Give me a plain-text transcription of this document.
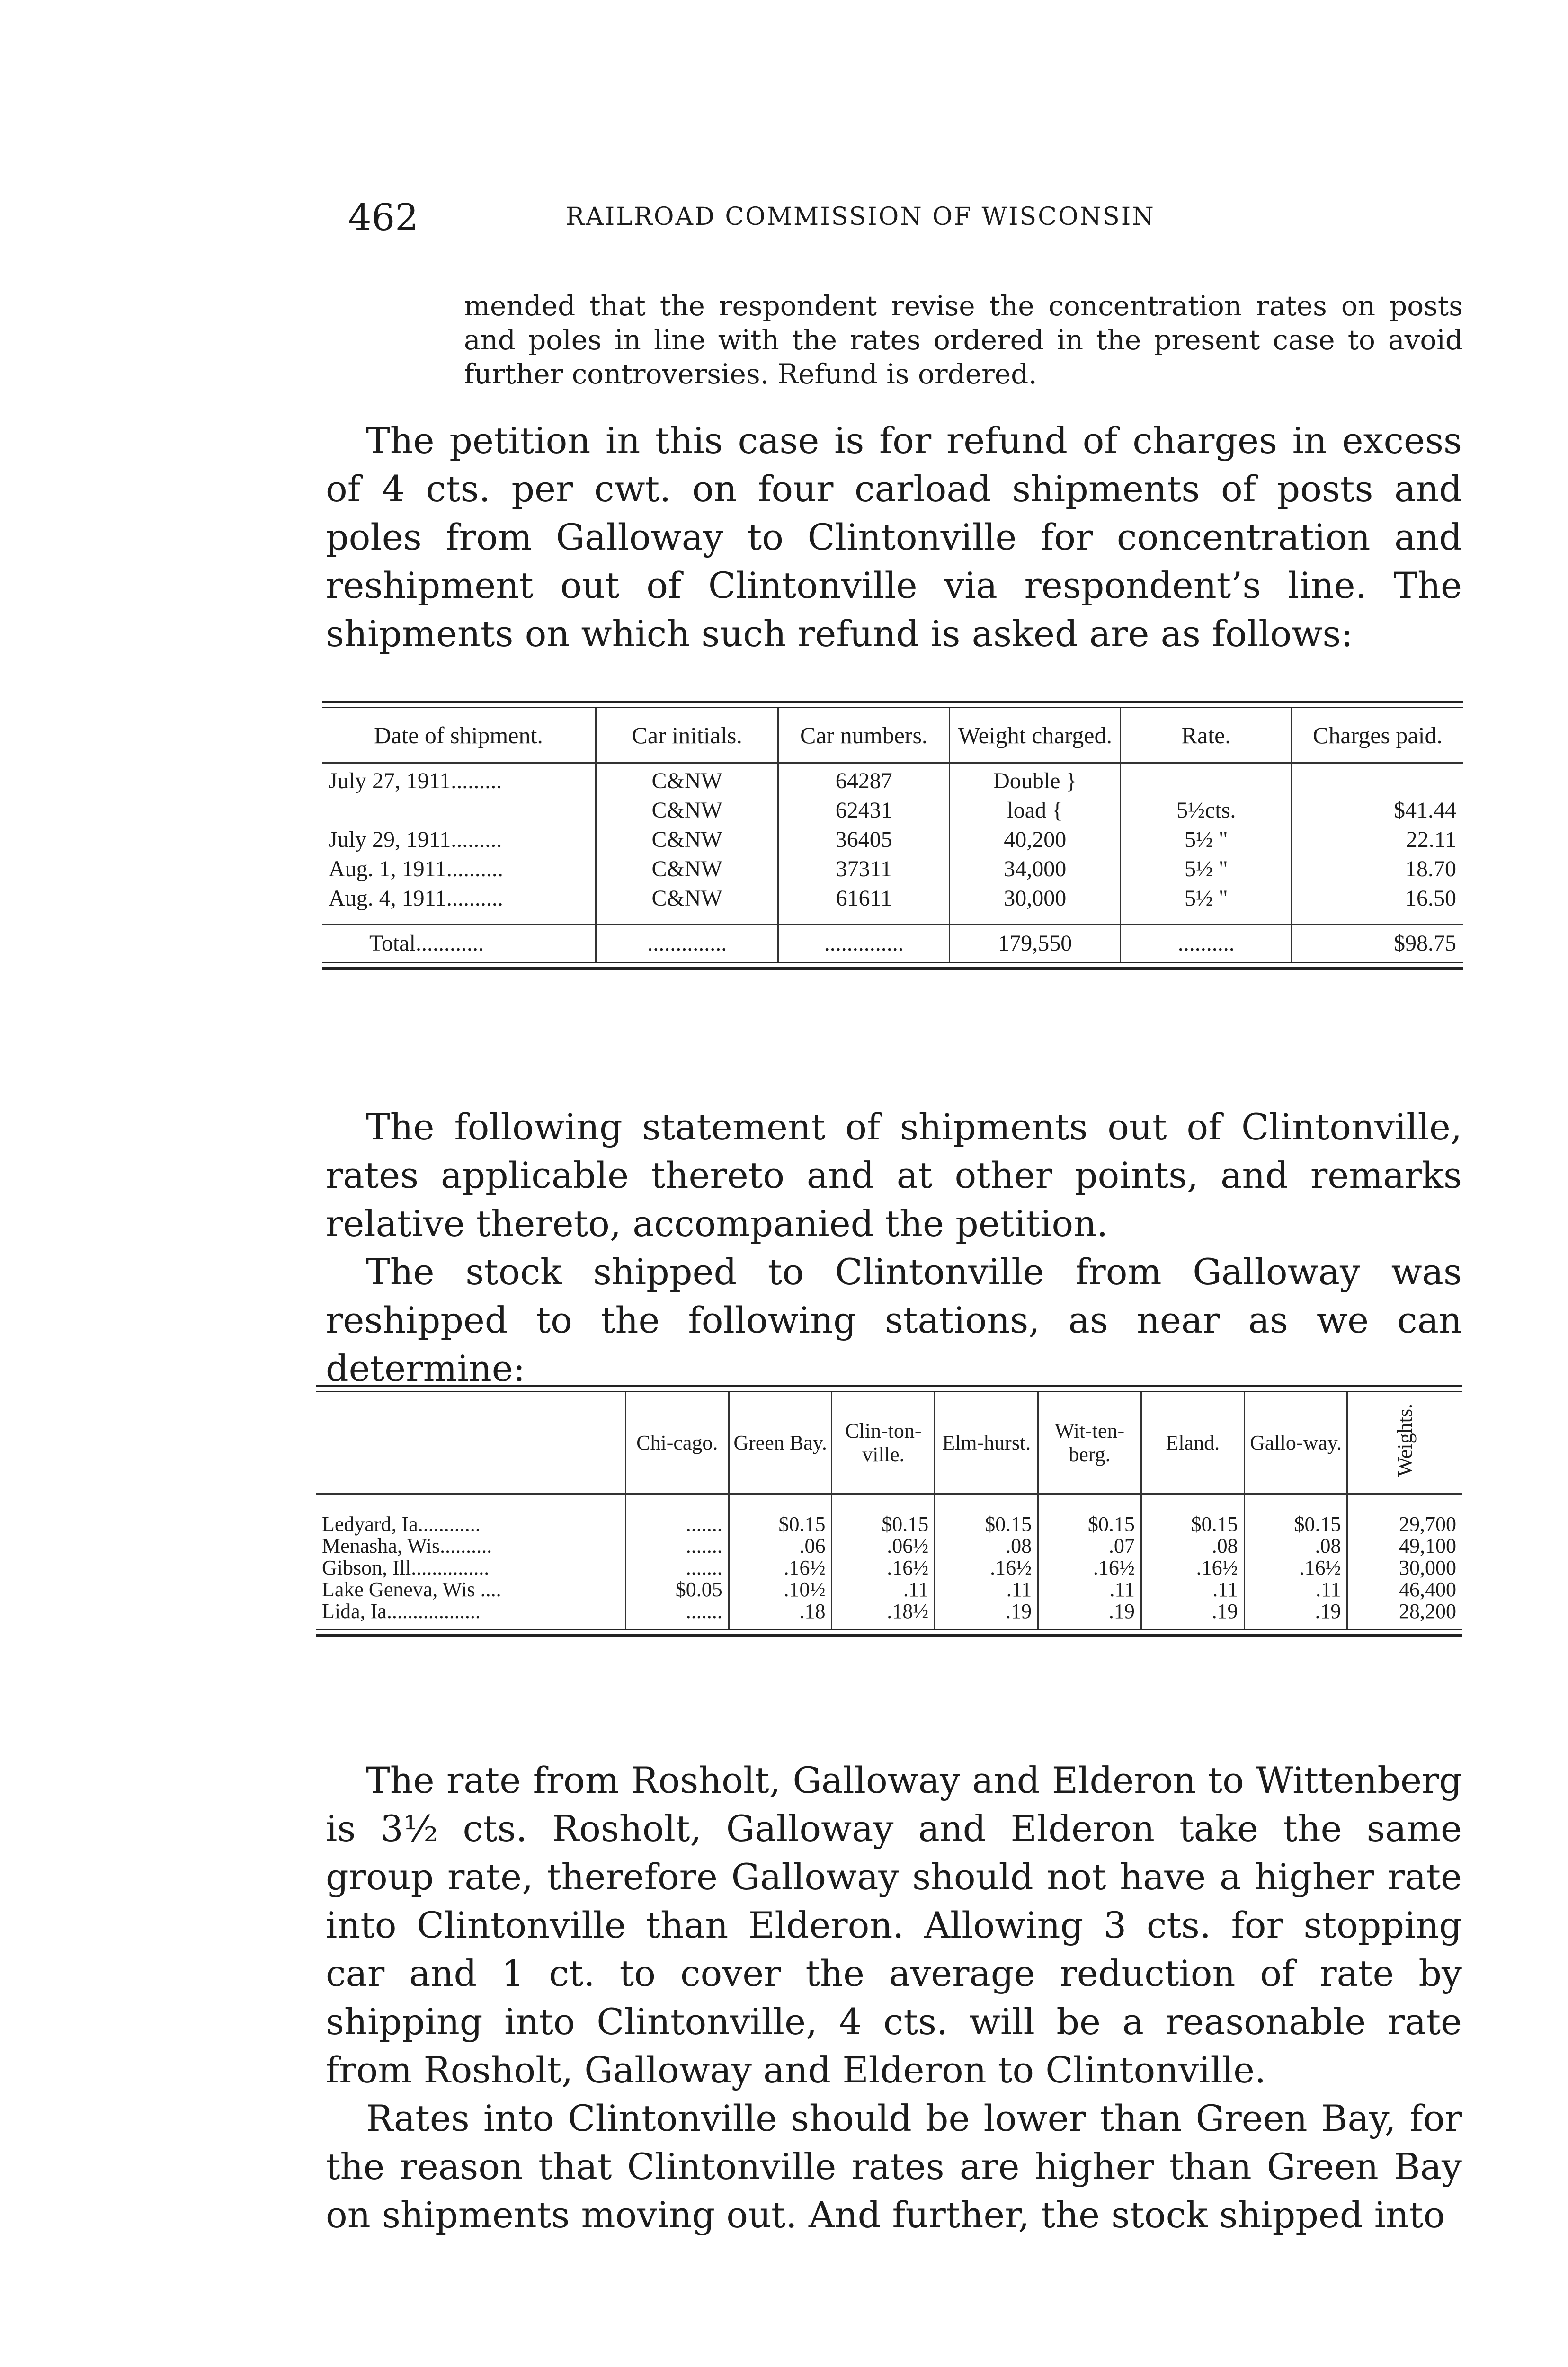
462	RAILROAD COMMISSION OF WISCONSIN
mended that the respondent revise the concentration rates on posts and poles in line with the rates ordered in the present case to avoid further controversies. Refund is ordered.

The petition in this case is for refund of charges in excess of 4 cts. per cwt. on four carload shipments of posts and poles from Galloway to Clintonville for concentration and reshipment out of Clintonville via respondent’s line. The shipments on which such refund is asked are as follows:

Date of shipment.	Car initials.	Car numbers.	Weight charged.	Rate.	Charges paid.
July 27, 1911.........	C&NW	64287	Double }		
	C&NW	62431	load {	5½cts.	$41.44
July 29, 1911.........	C&NW	36405	40,200	5½ "	22.11
Aug. 1, 1911..........	C&NW	37311	34,000	5½ "	18.70
Aug. 4, 1911..........	C&NW	61611	30,000	5½ "	16.50
Total............	..............	..............	179,550	..........	$98.75

The following statement of shipments out of Clintonville, rates applicable thereto and at other points, and remarks relative thereto, accompanied the petition.

The stock shipped to Clintonville from Galloway was reshipped to the following stations, as near as we can determine:

	Chi-cago.	Green Bay.	Clin-ton-ville.	Elm-hurst.	Wit-ten-berg.	Eland.	Gallo-way.	Weights.
Ledyard, Ia............	.......	$0.15	$0.15	$0.15	$0.15	$0.15	$0.15	29,700
Menasha, Wis..........	.......	.06	.06½	.08	.07	.08	.08	49,100
Gibson, Ill...............	.......	.16½	.16½	.16½	.16½	.16½	.16½	30,000
Lake Geneva, Wis ....	$0.05	.10½	.11	.11	.11	.11	.11	46,400
Lida, Ia..................	.......	.18	.18½	.19	.19	.19	.19	28,200

The rate from Rosholt, Galloway and Elderon to Wittenberg is 3½ cts. Rosholt, Galloway and Elderon take the same group rate, therefore Galloway should not have a higher rate into Clintonville than Elderon. Allowing 3 cts. for stopping car and 1 ct. to cover the average reduction of rate by shipping into Clintonville, 4 cts. will be a reasonable rate from Rosholt, Galloway and Elderon to Clintonville.

Rates into Clintonville should be lower than Green Bay, for the reason that Clintonville rates are higher than Green Bay on shipments moving out. And further, the stock shipped into
